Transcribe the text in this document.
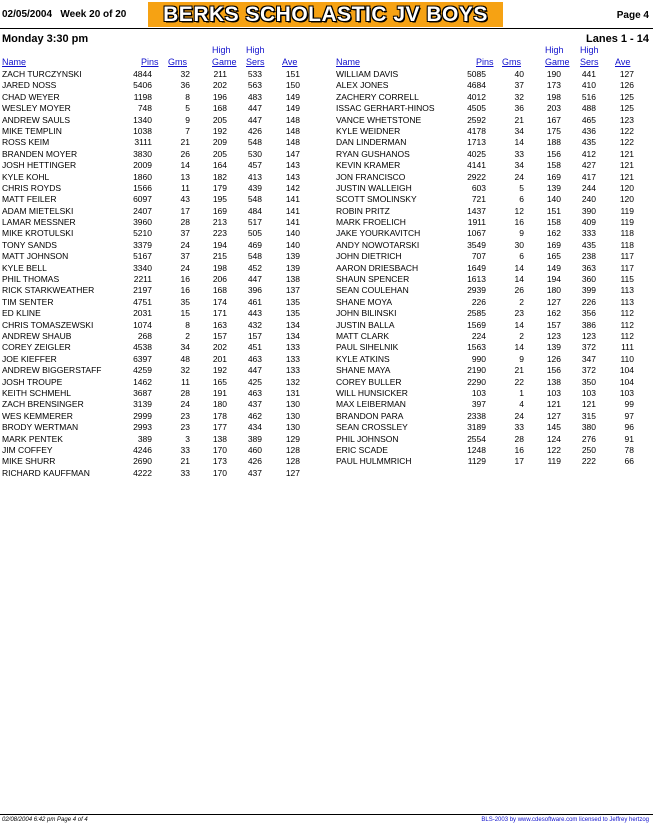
02/05/2004 Week 20 of 20	BERKS SCHOLASTIC JV BOYS	Page 4
Monday 3:30 pm	Lanes 1 - 14
Name	Pins Gms
High
Game
High
Sers Ave
ZACH TURCZYNSKI	4844	32	211 533	151
JARED NOSS	5406	36	202 563	150
CHAD WEYER	1198	8	196 483	149
WESLEY MOYER	748	5	168 447	149
ANDREW SAULS	1340	9	205 447	148
MIKE TEMPLIN	1038	7	192 426	148
ROSS KEIM	3111	21	209 548	148
BRANDEN MOYER	3830	26	205 530	147
JOSH HETTINGER	2009	14	164 457	143
KYLE KOHL	1860	13	182 413	143
CHRIS ROYDS	1566	11	179 439	142
MATT FEILER	6097	43	195 548	141
ADAM MIETELSKI	2407	17	169 484	141
LAMAR MESSNER	3960	28	213 517	141
MIKE KROTULSKI	5210	37	223 505	140
TONY SANDS	3379	24	194 469	140
MATT JOHNSON	5167	37	215 548	139
KYLE BELL	3340	24	198 452	139
PHIL THOMAS	2211	16	206 447	138
RICK STARKWEATHER	2197	16	168 396	137
TIM SENTER	4751	35	174 461	135
ED KLINE	2031	15	171 443	135
CHRIS TOMASZEWSKI	1074	8	163 432	134
ANDREW SHAUB	268	2	157 157	134
COREY ZEIGLER	4538	34	202 451	133
JOE KIEFFER	6397	48	201 463	133
ANDREW BIGGERSTAFF	4259	32	192 447	133
JOSH TROUPE	1462	11	165 425	132
KEITH SCHMEHL	3687	28	191 463	131
ZACH BRENSINGER	3139	24	180 437	130
WES KEMMERER	2999	23	178 462	130
BRODY WERTMAN	2993	23	177 434	130
MARK PENTEK	389	3	138 389	129
JIM COFFEY	4246	33	170 460	128
MIKE SHURR	2690	21	173 426	128
RICHARD KAUFFMAN	4222	33	170 437	127
Name	Pins Gms
High
Game
High
Sers Ave
WILLIAM DAVIS	5085	40	190 441	127
ALEX JONES	4684	37	173 410	126
ZACHERY CORRELL	4012	32	198 516	125
ISSAC GERHART-HINOS	4505	36	203 488	125
VANCE WHETSTONE	2592	21	167 465	123
KYLE WEIDNER	4178	34	175 436	122
DAN LINDERMAN	1713	14	188 435	122
RYAN GUSHANOS	4025	33	156 412	121
KEVIN KRAMER	4141	34	158 427	121
JON FRANCISCO	2922	24	169 417	121
JUSTIN WALLEIGH	603	5	139 244	120
SCOTT SMOLINSKY	721	6	140 240	120
ROBIN PRITZ	1437	12	151 390	119
MARK FROELICH	1911	16	158 409	119
JAKE YOURKAVITCH	1067	9	162 333	118
ANDY NOWOTARSKI	3549	30	169 435	118
JOHN DIETRICH	707	6	165 238	117
AARON DRIESBACH	1649	14	149 363	117
SHAUN SPENCER	1613	14	194 360	115
SEAN COULEHAN	2939	26	180 399	113
SHANE MOYA	226	2	127 226	113
JOHN BILINSKI	2585	23	162 356	112
JUSTIN BALLA	1569	14	157 386	112
MATT CLARK	224	2	123 123	112
PAUL SIHELNIK	1563	14	139 372	111
KYLE ATKINS	990	9	126 347	110
SHANE MAYA	2190	21	156 372	104
COREY BULLER	2290	22	138 350	104
WILL HUNSICKER	103	1	103 103	103
MAX LEIBERMAN	397	4	121 121	99
BRANDON PARA	2338	24	127 315	97
SEAN CROSSLEY	3189	33	145 380	96
PHIL JOHNSON	2554	28	124 276	91
ERIC SCADE	1248	16	122 250	78
PAUL HULMMRICH	1129	17	119 222	66
02/08/2004 6:42 pm Page 4 of 4	BLS-2003 by www.cdesoftware.com licensed to Jeffrey hertzog
